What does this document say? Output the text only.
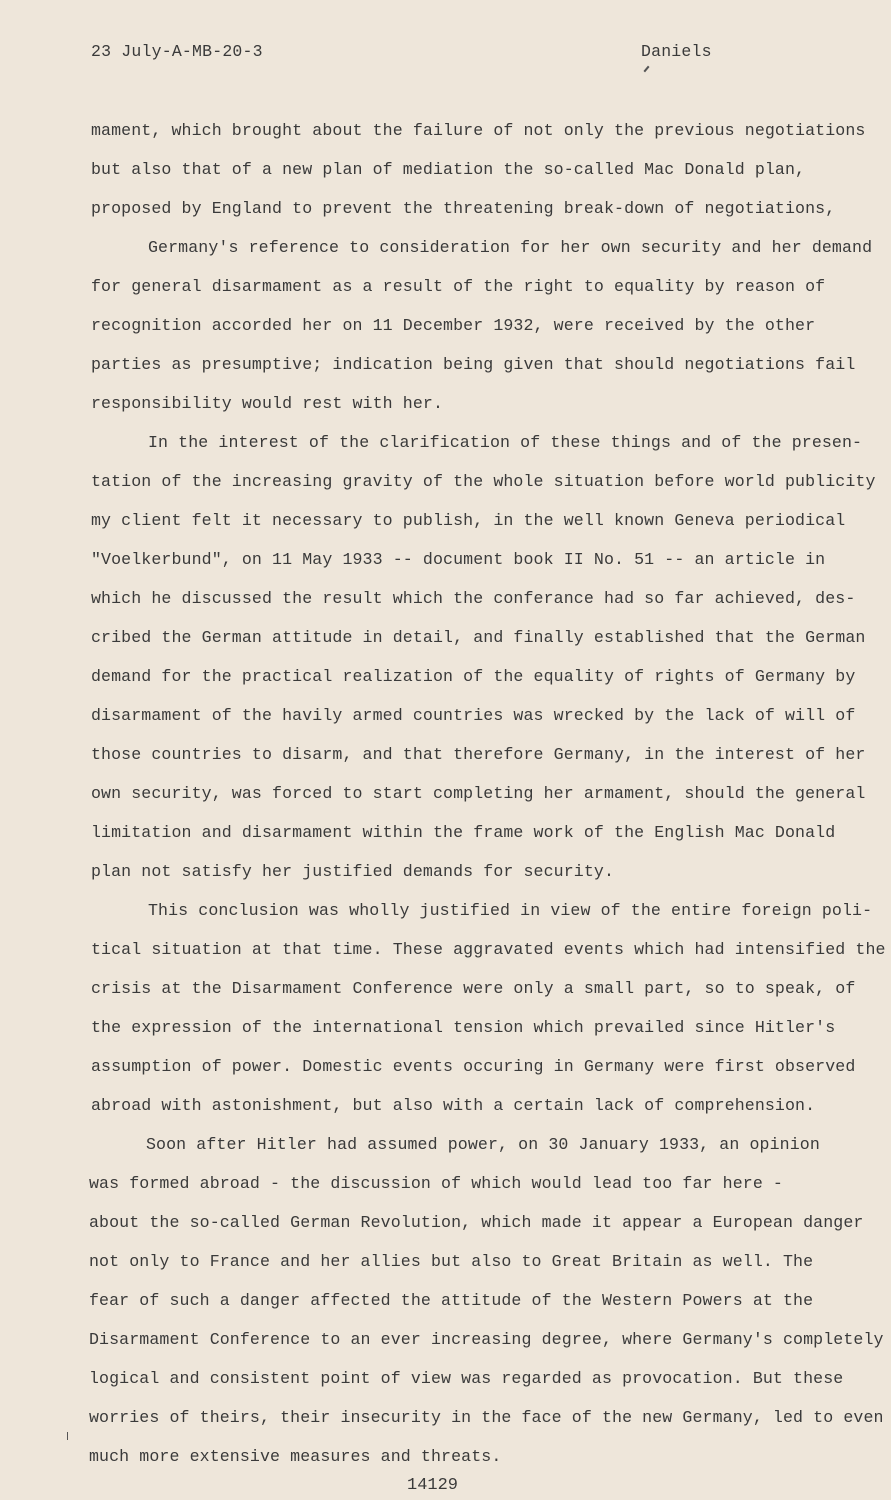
23 July-A-MB-20-3	Daniels
mament, which brought about the failure of not only the previous negotiations
but also that of a new plan of mediation the so-called Mac Donald plan,
proposed by England to prevent the threatening break-down of negotiations,
Germany's reference to consideration for her own security and her demand
for general disarmament as a result of the right to equality by reason of
recognition accorded her on 11 December 1932, were received by the other
parties as presumptive; indication being given that should negotiations fail
responsibility would rest with her.
In the interest of the clarification of these things and of the presen-
tation of the increasing gravity of the whole situation before world publicity
my client felt it necessary to publish, in the well known Geneva periodical
"Voelkerbund", on 11 May 1933 -- document book II No. 51 -- an article in
which he discussed the result which the conferance had so far achieved, des-
cribed the German attitude in detail, and finally established that the German
demand for the practical realization of the equality of rights of Germany by
disarmament of the havily armed countries was wrecked by the lack of will of
those countries to disarm, and that therefore Germany, in the interest of her
own security, was forced to start completing her armament, should the general
limitation and disarmament within the frame work of the English Mac Donald
plan not satisfy her justified demands for security.
This conclusion was wholly justified in view of the entire foreign poli-
tical situation at that time. These aggravated events which had intensified the
crisis at the Disarmament Conference were only a small part, so to speak, of
the expression of the international tension which prevailed since Hitler's
assumption of power. Domestic events occuring in Germany were first observed
abroad with astonishment, but also with a certain lack of comprehension.
Soon after Hitler had assumed power, on 30 January 1933, an opinion
was formed abroad - the discussion of which would lead too far here -
about the so-called German Revolution, which made it appear a European danger
not only to France and her allies but also to Great Britain as well. The
fear of such a danger affected the attitude of the Western Powers at the
Disarmament Conference to an ever increasing degree, where Germany's completely
logical and consistent point of view was regarded as provocation. But these
worries of theirs, their insecurity in the face of the new Germany, led to even
much more extensive measures and threats.
14129
